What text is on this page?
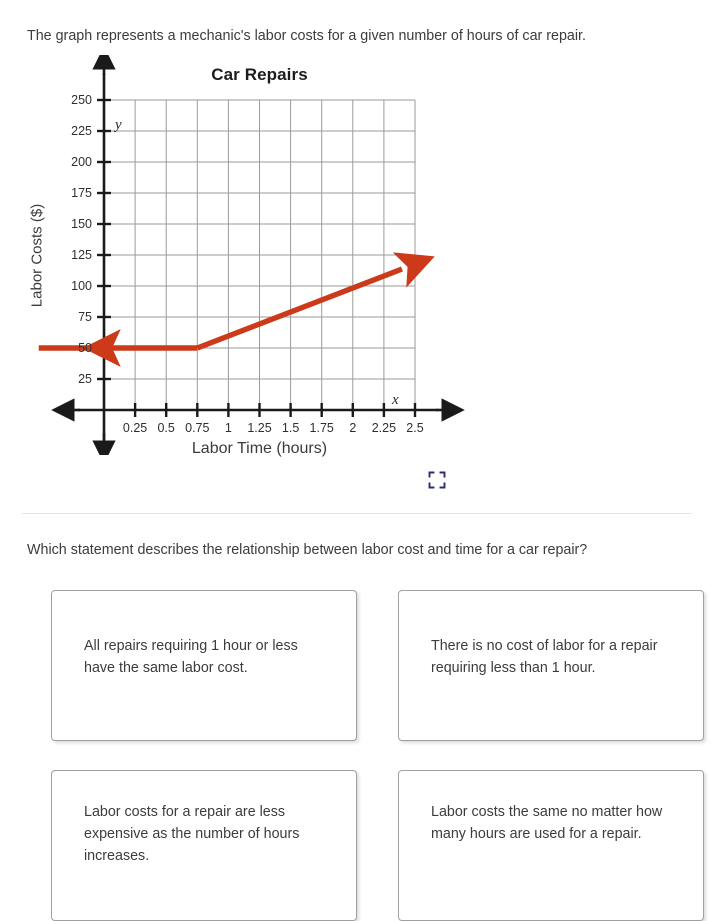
The graph represents a mechanic's labor costs for a given number of hours of car repair.
Car Repairs
y
x
25
50
75
100
125
150
175
200
225
250
0.25 0.5 0.75	1	1.25 1.5 1.75	2	2.25 2.5
Labor Costs ($)
Labor Time (hours)
Which statement describes the relationship between labor cost and time for a car repair?
All repairs requiring 1 hour or less have the same labor cost.
There is no cost of labor for a repair requiring less than 1 hour.
Labor costs for a repair are less expensive as the number of hours increases.
Labor costs the same no matter how many hours are used for a repair.
